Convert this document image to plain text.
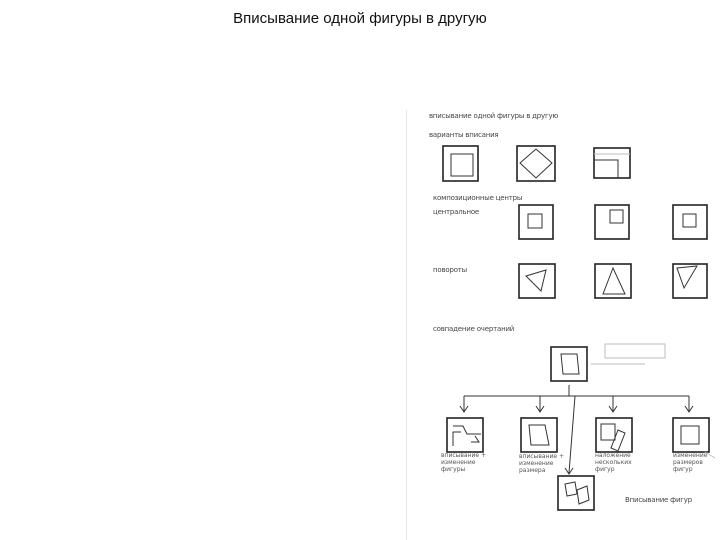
Вписывание одной фигуры в другую
вписывание одной фигуры в другую
варианты вписания
композиционные центры
центральное
повороты
совпадение очертаний
вписывание + изменение фигуры
вписывание + изменение размера
наложение нескольких фигур
изменение размеров фигур
Вписывание фигур
